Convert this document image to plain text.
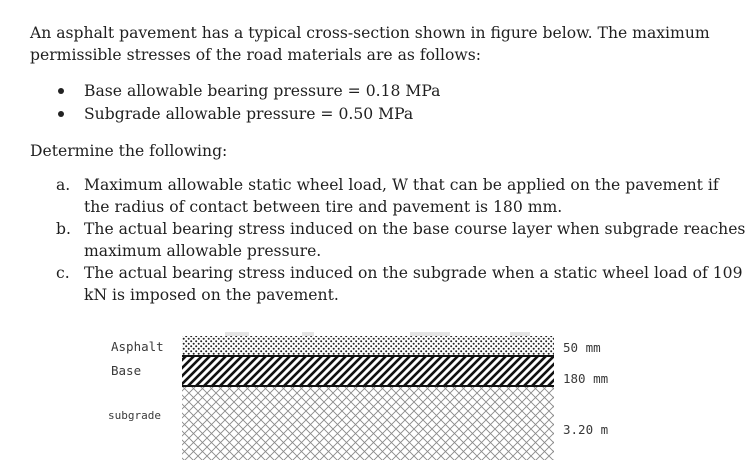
An asphalt pavement has a typical cross-section shown in figure below. The maximum
permissible stresses of the road materials are as follows:
Base allowable bearing pressure = 0.18 MPa
Subgrade allowable pressure = 0.50 MPa
Determine the following:
a. Maximum allowable static wheel load, W that can be applied on the pavement if
the radius of contact between tire and pavement is 180 mm.
b. The actual bearing stress induced on the base course layer when subgrade reaches
maximum allowable pressure.
c. The actual bearing stress induced on the subgrade when a static wheel load of 109
kN is imposed on the pavement.
Asphalt
Base
subgrade
50 mm
180 mm
3.20 m
